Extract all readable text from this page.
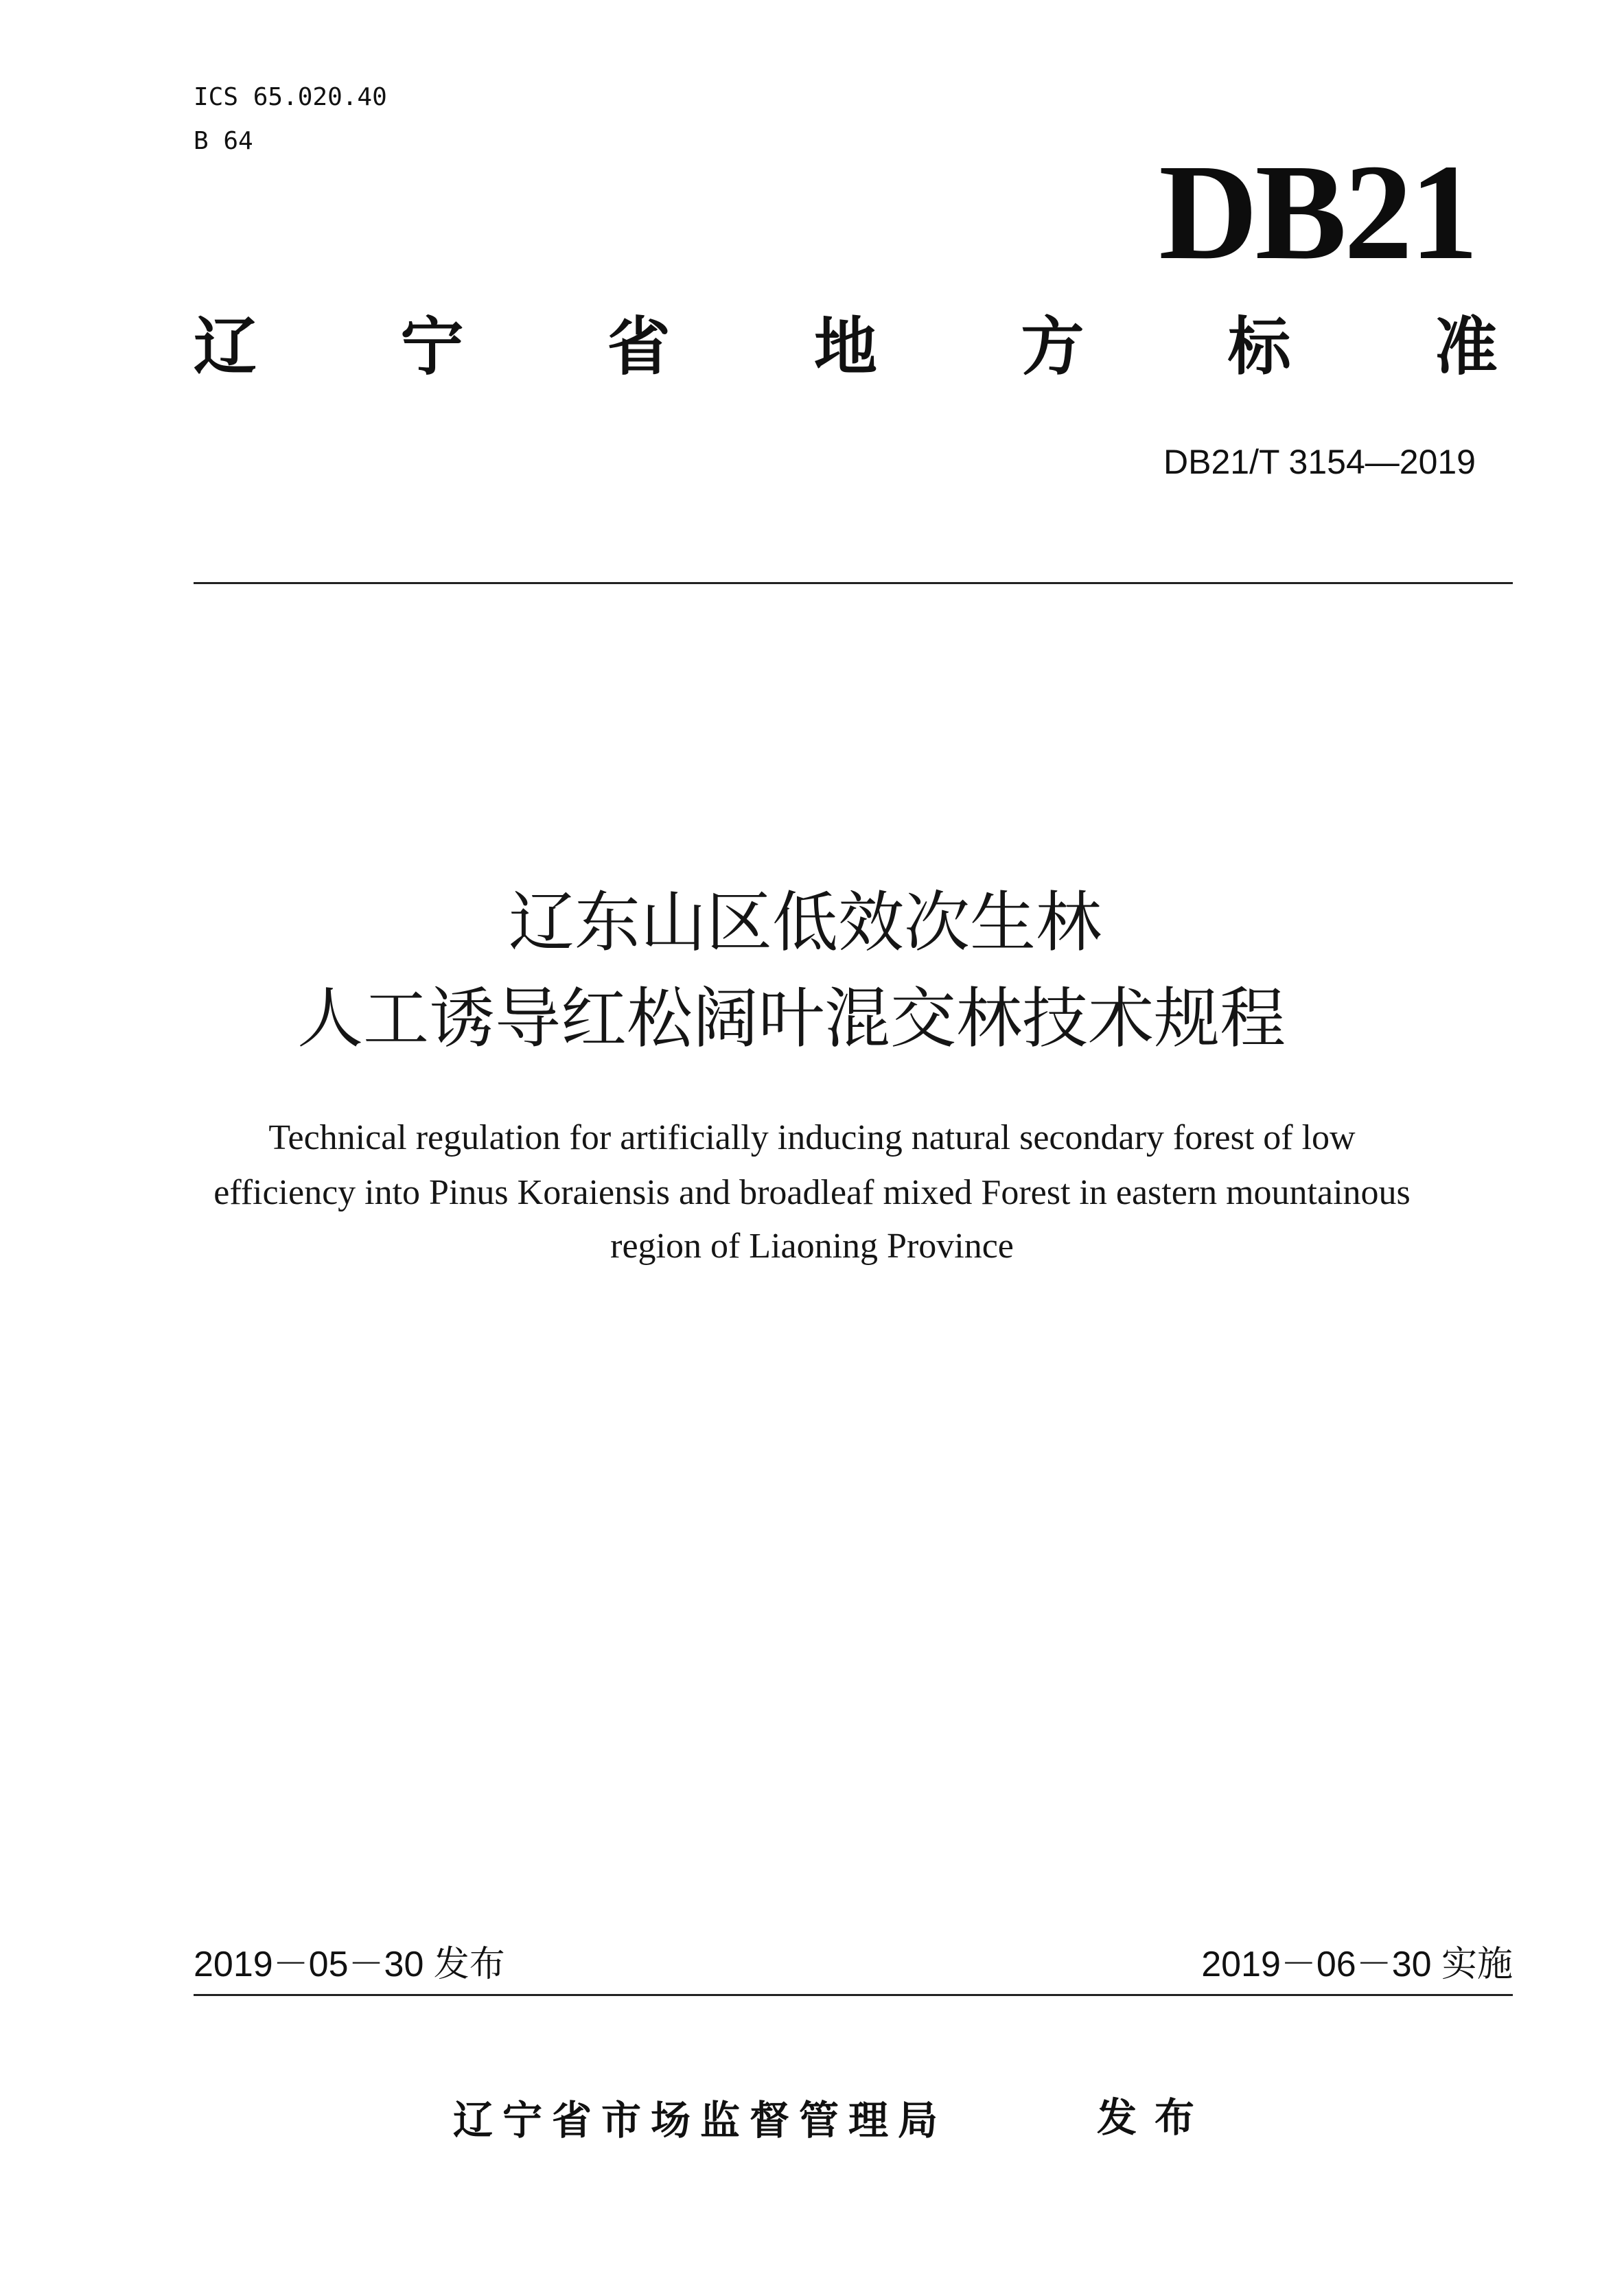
ICS 65.020.40
B 64	DB21
辽 宁 省 地 方 标 准
DB21/T 3154—2019
辽东山区低效次生林
人工诱导红松阔叶混交林技术规程
Technical regulation for artificially inducing natural secondary forest of low
efficiency into Pinus Koraiensis and broadleaf mixed Forest in eastern mountainous
region of Liaoning Province
2019－05－30 发布	2019－06－30 实施
辽宁省市场监督管理局	发布
